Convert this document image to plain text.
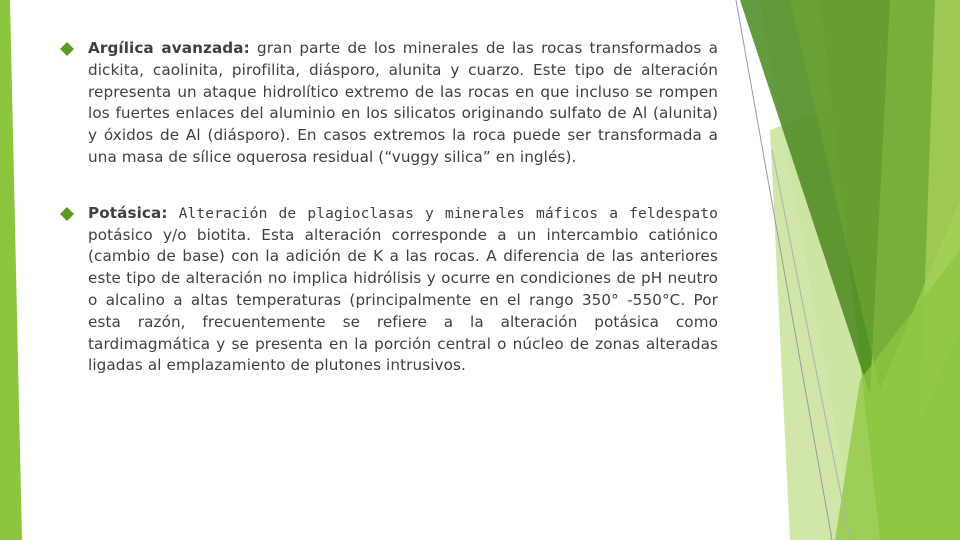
Argílica avanzada: gran parte de los minerales de las rocas transformados a dickita, caolinita, pirofilita, diásporo, alunita y cuarzo. Este tipo de alteración representa un ataque hidrolítico extremo de las rocas en que incluso se rompen los fuertes enlaces del aluminio en los silicatos originando sulfato de Al (alunita) y óxidos de Al (diásporo). En casos extremos la roca puede ser transformada a una masa de sílice oquerosa residual (“vuggy silica” en inglés).

Potásica: Alteración de plagioclasas y minerales máficos a feldespato potásico y/o biotita. Esta alteración corresponde a un intercambio catiónico (cambio de base) con la adición de K a las rocas. A diferencia de las anteriores este tipo de alteración no implica hidrólisis y ocurre en condiciones de pH neutro o alcalino a altas temperaturas (principalmente en el rango 350° -550°C. Por esta razón, frecuentemente se refiere a la alteración potásica como tardimagmática y se presenta en la porción central o núcleo de zonas alteradas ligadas al emplazamiento de plutones intrusivos.
